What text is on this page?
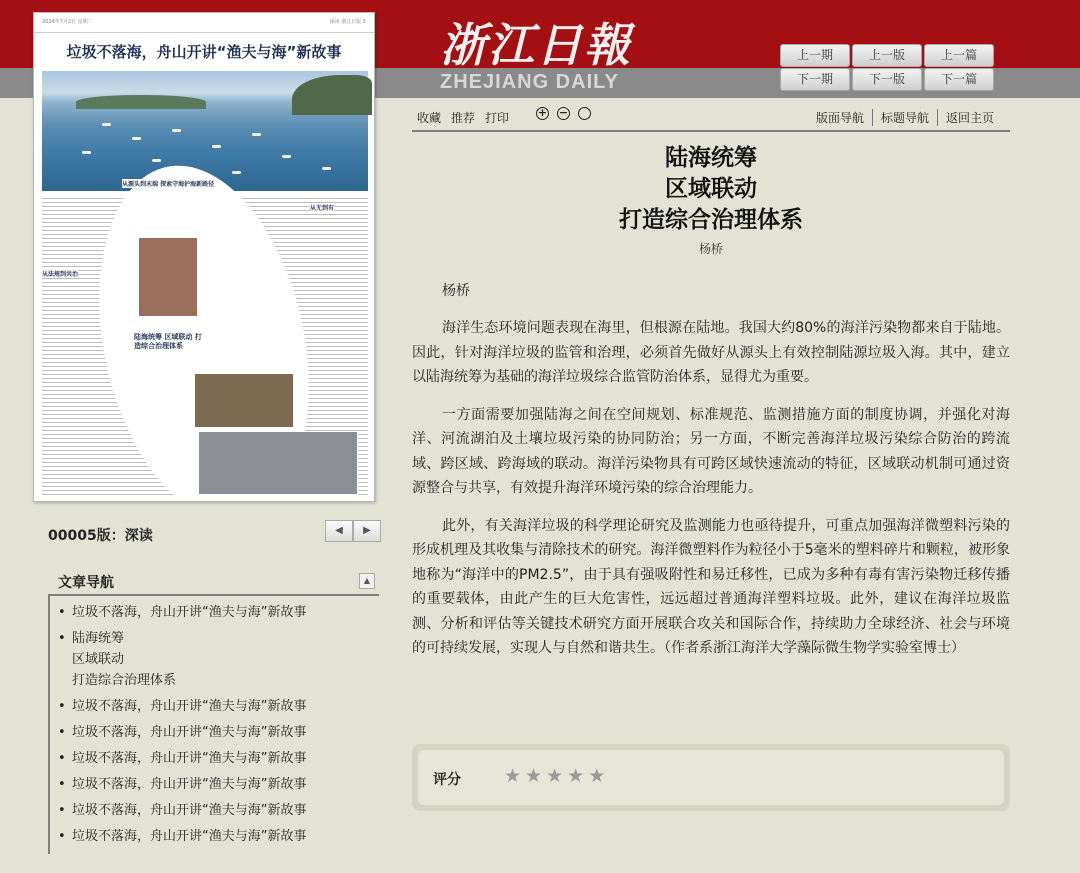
浙江日報
ZHEJIANG DAILY
上一期	上一版	上一篇
下一期	下一版	下一篇
2024年7月2日 星期二	深读 浙江日报 5
垃圾不落海，舟山开讲“渔夫与海”新故事
从源头到末端 探索守海护海新路径
从无到有
从法规到共治
陆海统筹 区域联动 打造综合治理体系
00005版：深读	◀	▶
文章导航	▲
• 垃圾不落海，舟山开讲“渔夫与海”新故事
• 陆海统筹
区域联动
打造综合治理体系
• 垃圾不落海，舟山开讲“渔夫与海”新故事
• 垃圾不落海，舟山开讲“渔夫与海”新故事
• 垃圾不落海，舟山开讲“渔夫与海”新故事
• 垃圾不落海，舟山开讲“渔夫与海”新故事
• 垃圾不落海，舟山开讲“渔夫与海”新故事
• 垃圾不落海，舟山开讲“渔夫与海”新故事
收藏 推荐 打印	+ −	版面导航	标题导航	返回主页
陆海统筹
区域联动
打造综合治理体系
杨桥
杨桥

海洋生态环境问题表现在海里，但根源在陆地。我国大约80%的海洋污染物都来自于陆地。因此，针对海洋垃圾的监管和治理，必须首先做好从源头上有效控制陆源垃圾入海。其中，建立以陆海统筹为基础的海洋垃圾综合监管防治体系，显得尤为重要。

一方面需要加强陆海之间在空间规划、标准规范、监测措施方面的制度协调，并强化对海洋、河流湖泊及土壤垃圾污染的协同防治；另一方面，不断完善海洋垃圾污染综合防治的跨流域、跨区域、跨海域的联动。海洋污染物具有可跨区域快速流动的特征，区域联动机制可通过资源整合与共享，有效提升海洋环境污染的综合治理能力。

此外，有关海洋垃圾的科学理论研究及监测能力也亟待提升，可重点加强海洋微塑料污染的形成机理及其收集与清除技术的研究。海洋微塑料作为粒径小于5毫米的塑料碎片和颗粒，被形象地称为“海洋中的PM2.5”，由于具有强吸附性和易迁移性，已成为多种有毒有害污染物迁移传播的重要载体，由此产生的巨大危害性，远远超过普通海洋塑料垃圾。此外，建议在海洋垃圾监测、分析和评估等关键技术研究方面开展联合攻关和国际合作，持续助力全球经济、社会与环境的可持续发展，实现人与自然和谐共生。（作者系浙江海洋大学藻际微生物学实验室博士）

评分 ★ ★ ★ ★ ★
